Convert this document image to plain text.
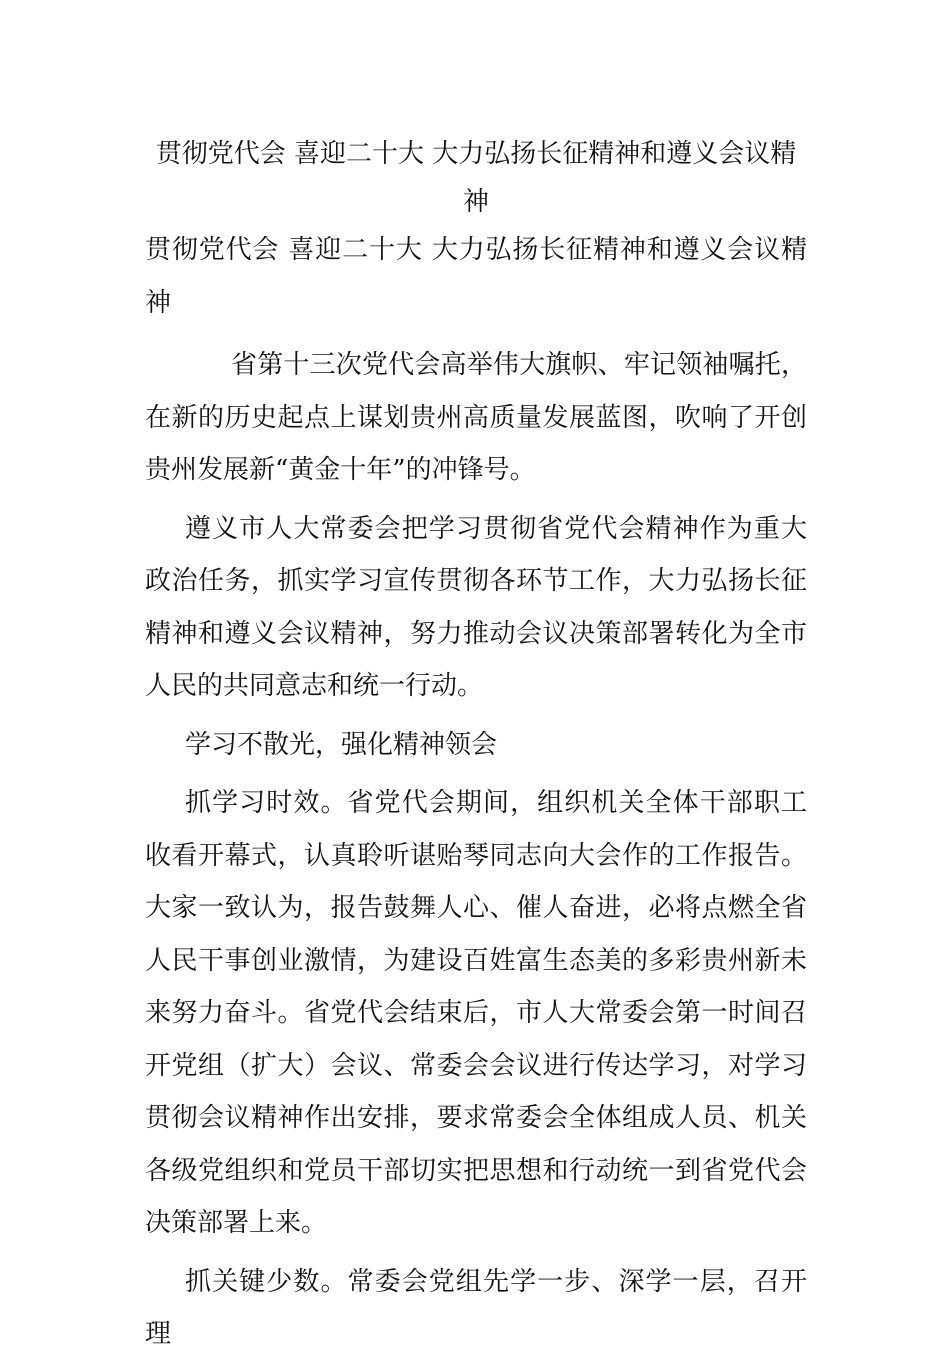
贯彻党代会 喜迎二十大 大力弘扬长征精神和遵义会议精神

贯彻党代会 喜迎二十大 大力弘扬长征精神和遵义会议精神

省第十三次党代会高举伟大旗帜、牢记领袖嘱托，在新的历史起点上谋划贵州高质量发展蓝图，吹响了开创贵州发展新“黄金十年”的冲锋号。

遵义市人大常委会把学习贯彻省党代会精神作为重大政治任务，抓实学习宣传贯彻各环节工作，大力弘扬长征精神和遵义会议精神，努力推动会议决策部署转化为全市人民的共同意志和统一行动。

学习不散光，强化精神领会

抓学习时效。省党代会期间，组织机关全体干部职工收看开幕式，认真聆听谌贻琴同志向大会作的工作报告。大家一致认为，报告鼓舞人心、催人奋进，必将点燃全省人民干事创业激情，为建设百姓富生态美的多彩贵州新未来努力奋斗。省党代会结束后，市人大常委会第一时间召开党组（扩大）会议、常委会会议进行传达学习，对学习贯彻会议精神作出安排，要求常委会全体组成人员、机关各级党组织和党员干部切实把思想和行动统一到省党代会决策部署上来。

抓关键少数。常委会党组先学一步、深学一层，召开理
